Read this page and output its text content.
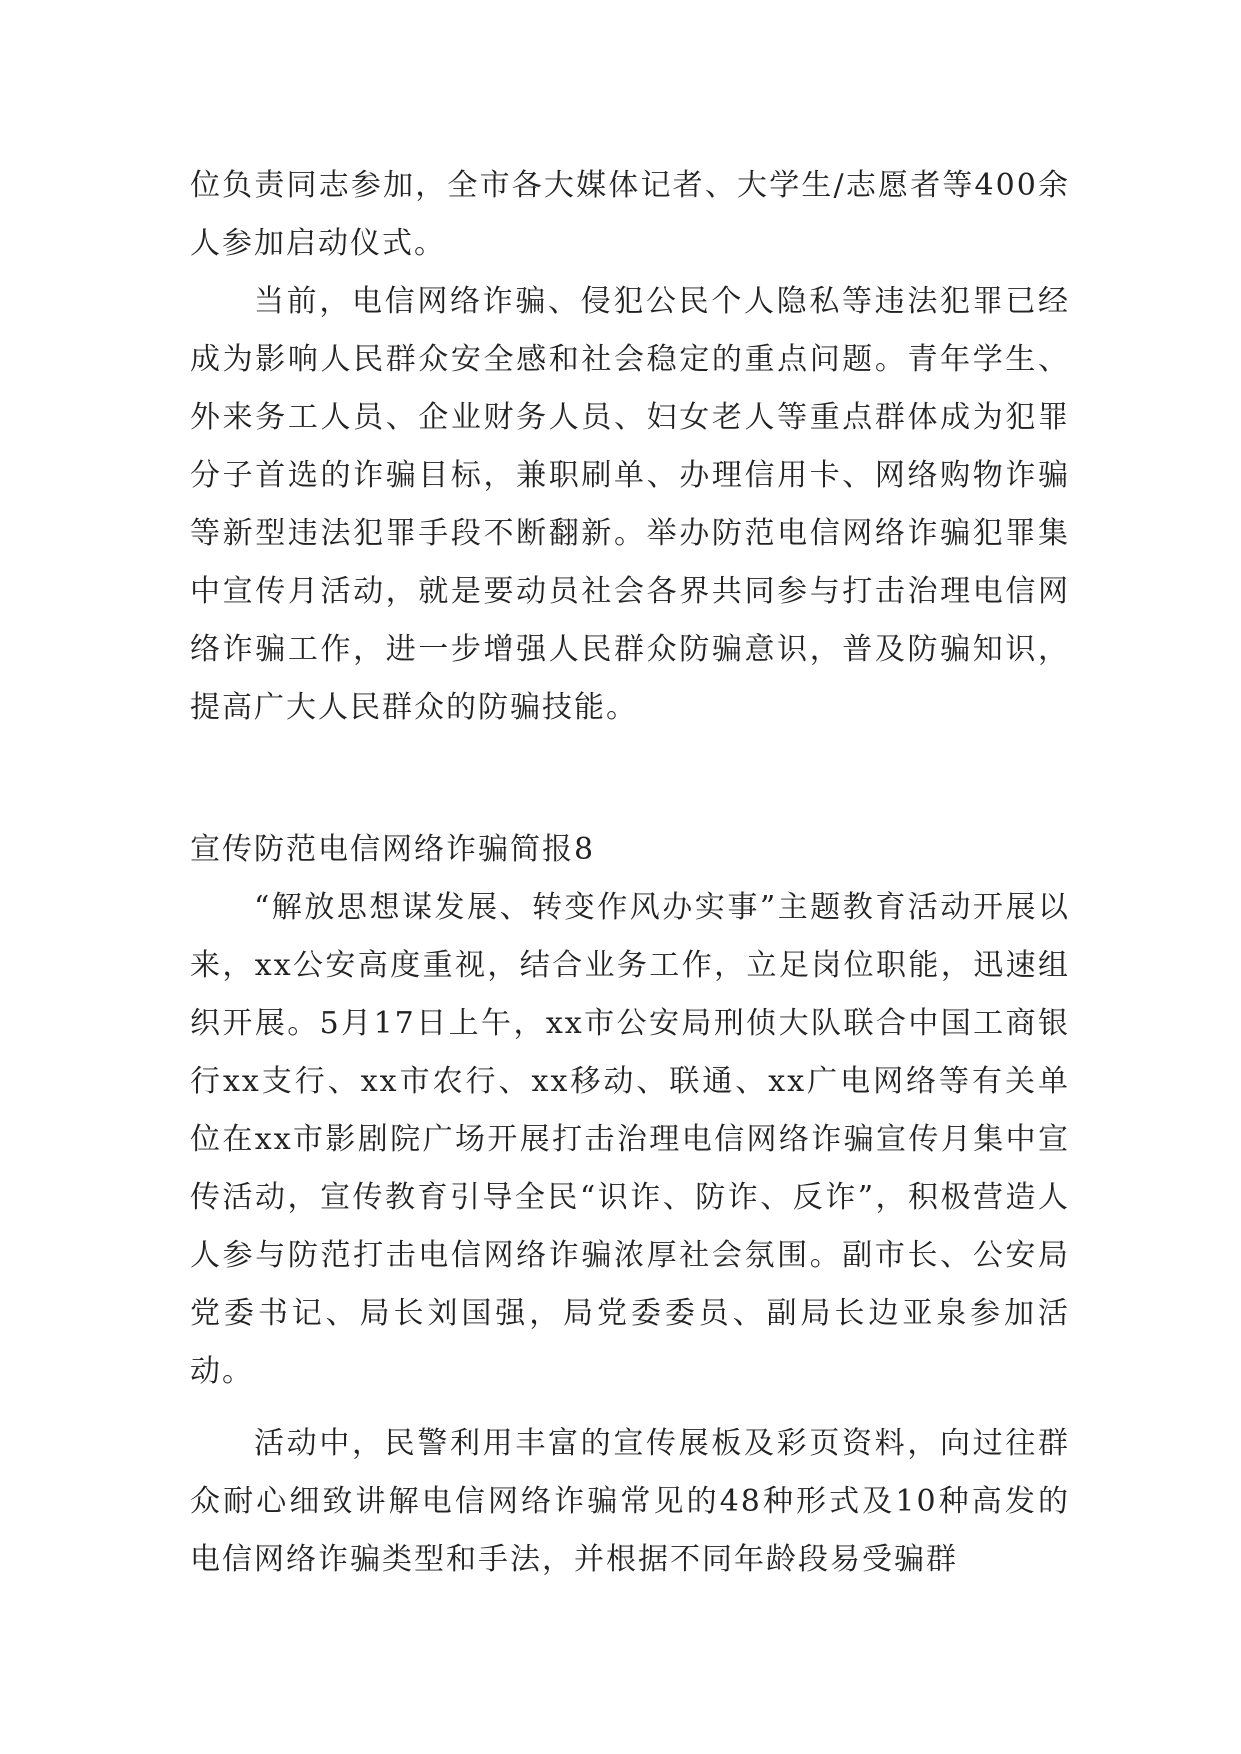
位负责同志参加，全市各大媒体记者、大学生/志愿者等400余人参加启动仪式。

当前，电信网络诈骗、侵犯公民个人隐私等违法犯罪已经成为影响人民群众安全感和社会稳定的重点问题。青年学生、外来务工人员、企业财务人员、妇女老人等重点群体成为犯罪分子首选的诈骗目标，兼职刷单、办理信用卡、网络购物诈骗等新型违法犯罪手段不断翻新。举办防范电信网络诈骗犯罪集中宣传月活动，就是要动员社会各界共同参与打击治理电信网络诈骗工作，进一步增强人民群众防骗意识，普及防骗知识，提高广大人民群众的防骗技能。

宣传防范电信网络诈骗简报8

“解放思想谋发展、转变作风办实事”主题教育活动开展以来，xx公安高度重视，结合业务工作，立足岗位职能，迅速组织开展。5月17日上午，xx市公安局刑侦大队联合中国工商银行xx支行、xx市农行、xx移动、联通、xx广电网络等有关单位在xx市影剧院广场开展打击治理电信网络诈骗宣传月集中宣传活动，宣传教育引导全民“识诈、防诈、反诈”，积极营造人人参与防范打击电信网络诈骗浓厚社会氛围。副市长、公安局党委书记、局长刘国强，局党委委员、副局长边亚泉参加活动。

活动中，民警利用丰富的宣传展板及彩页资料，向过往群众耐心细致讲解电信网络诈骗常见的48种形式及10种高发的电信网络诈骗类型和手法，并根据不同年龄段易受骗群
